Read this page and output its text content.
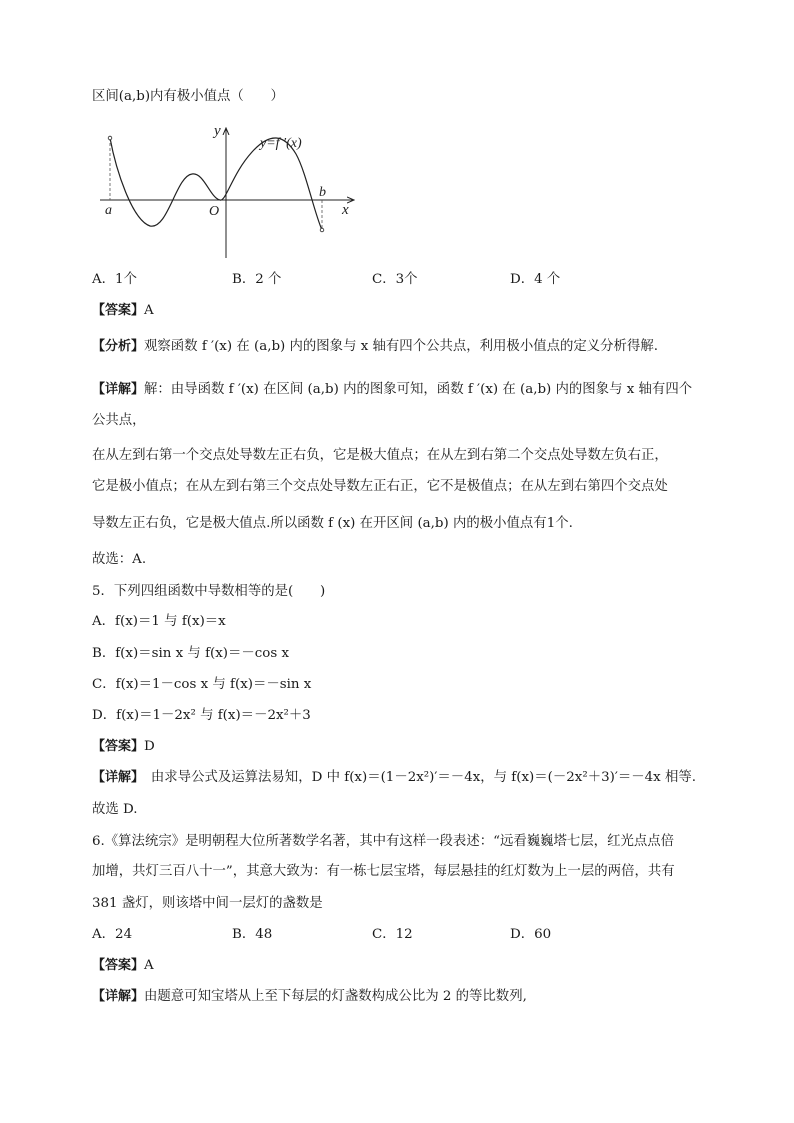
区间(a,b)内有极小值点（　　）
y
x
O
a
b
y=f ′(x)
A．1个	B．2 个	C．3个	D．4 个
【答案】A
【分析】观察函数 f ′(x) 在 (a,b) 内的图象与 x 轴有四个公共点，利用极小值点的定义分析得解.
【详解】解：由导函数 f ′(x) 在区间 (a,b) 内的图象可知，函数 f ′(x) 在 (a,b) 内的图象与 x 轴有四个
公共点，
在从左到右第一个交点处导数左正右负，它是极大值点；在从左到右第二个交点处导数左负右正，
它是极小值点；在从左到右第三个交点处导数左正右正，它不是极值点；在从左到右第四个交点处
导数左正右负，它是极大值点.所以函数 f (x) 在开区间 (a,b) 内的极小值点有1个.
故选：A.
5．下列四组函数中导数相等的是(　　)
A．f(x)＝1 与 f(x)＝x
B．f(x)＝sin x 与 f(x)＝－cos x
C．f(x)＝1－cos x 与 f(x)＝－sin x
D．f(x)＝1－2x² 与 f(x)＝－2x²＋3
【答案】D
【详解】　由求导公式及运算法易知，D 中 f(x)＝(1－2x²)′＝－4x，与 f(x)＝(－2x²＋3)′＝－4x 相等.
故选 D.
6.《算法统宗》是明朝程大位所著数学名著，其中有这样一段表述：“远看巍巍塔七层，红光点点倍
加增，共灯三百八十一”，其意大致为：有一栋七层宝塔，每层悬挂的红灯数为上一层的两倍，共有
381 盏灯，则该塔中间一层灯的盏数是
A．24	B．48	C．12	D．60
【答案】A
【详解】由题意可知宝塔从上至下每层的灯盏数构成公比为 2 的等比数列,
